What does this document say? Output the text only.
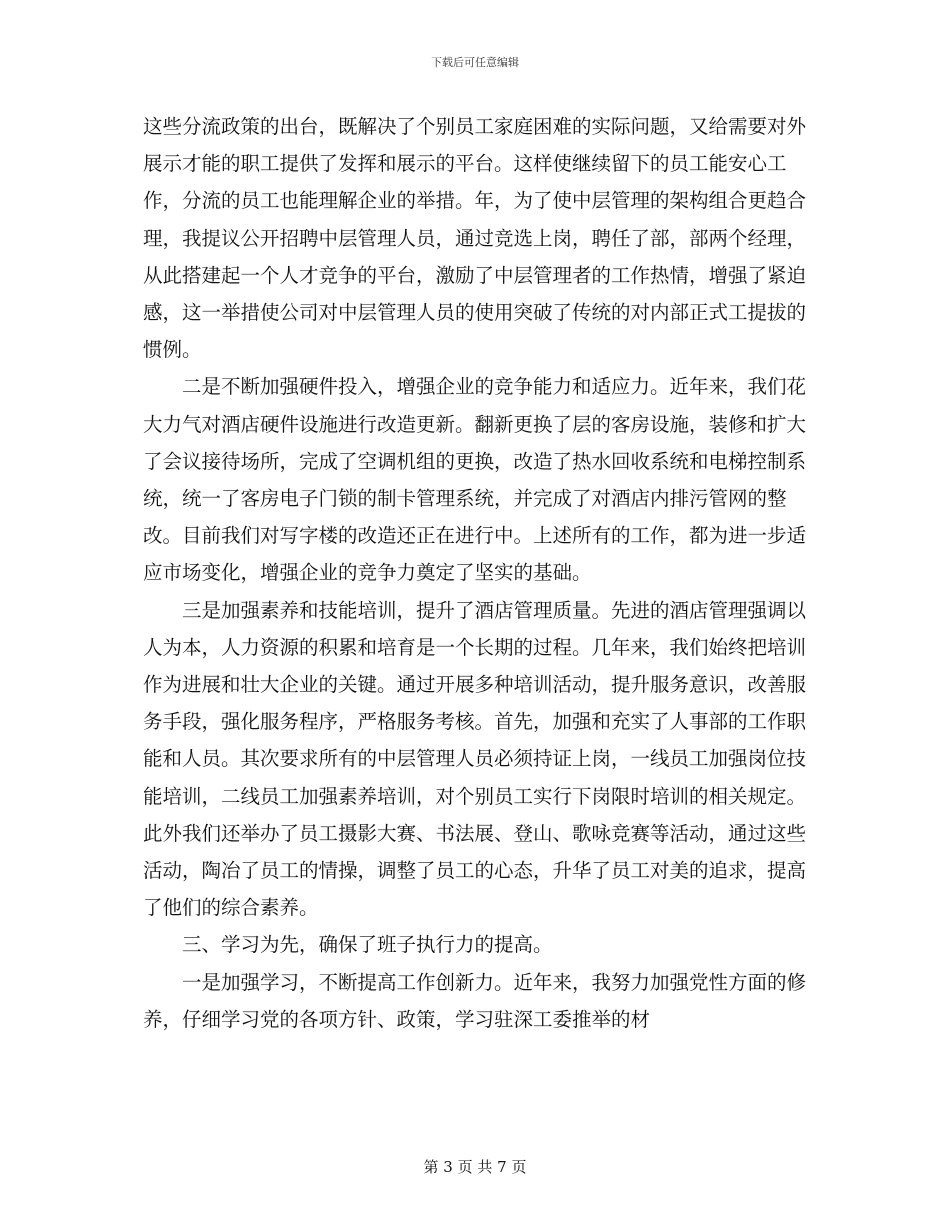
下载后可任意编辑

这些分流政策的出台，既解决了个别员工家庭困难的实际问题，又给需要对外展示才能的职工提供了发挥和展示的平台。这样使继续留下的员工能安心工作，分流的员工也能理解企业的举措。年，为了使中层管理的架构组合更趋合理，我提议公开招聘中层管理人员，通过竞选上岗，聘任了部，部两个经理，从此搭建起一个人才竞争的平台，激励了中层管理者的工作热情，增强了紧迫感，这一举措使公司对中层管理人员的使用突破了传统的对内部正式工提拔的惯例。

二是不断加强硬件投入，增强企业的竞争能力和适应力。近年来，我们花大力气对酒店硬件设施进行改造更新。翻新更换了层的客房设施，装修和扩大了会议接待场所，完成了空调机组的更换，改造了热水回收系统和电梯控制系统，统一了客房电子门锁的制卡管理系统，并完成了对酒店内排污管网的整改。目前我们对写字楼的改造还正在进行中。上述所有的工作，都为进一步适应市场变化，增强企业的竞争力奠定了坚实的基础。

三是加强素养和技能培训，提升了酒店管理质量。先进的酒店管理强调以人为本，人力资源的积累和培育是一个长期的过程。几年来，我们始终把培训作为进展和壮大企业的关键。通过开展多种培训活动，提升服务意识，改善服务手段，强化服务程序，严格服务考核。首先，加强和充实了人事部的工作职能和人员。其次要求所有的中层管理人员必须持证上岗，一线员工加强岗位技能培训，二线员工加强素养培训，对个别员工实行下岗限时培训的相关规定。此外我们还举办了员工摄影大赛、书法展、登山、歌咏竞赛等活动，通过这些活动，陶冶了员工的情操，调整了员工的心态，升华了员工对美的追求，提高了他们的综合素养。

三、学习为先，确保了班子执行力的提高。

一是加强学习，不断提高工作创新力。近年来，我努力加强党性方面的修养，仔细学习党的各项方针、政策，学习驻深工委推举的材

第 3 页 共 7 页
